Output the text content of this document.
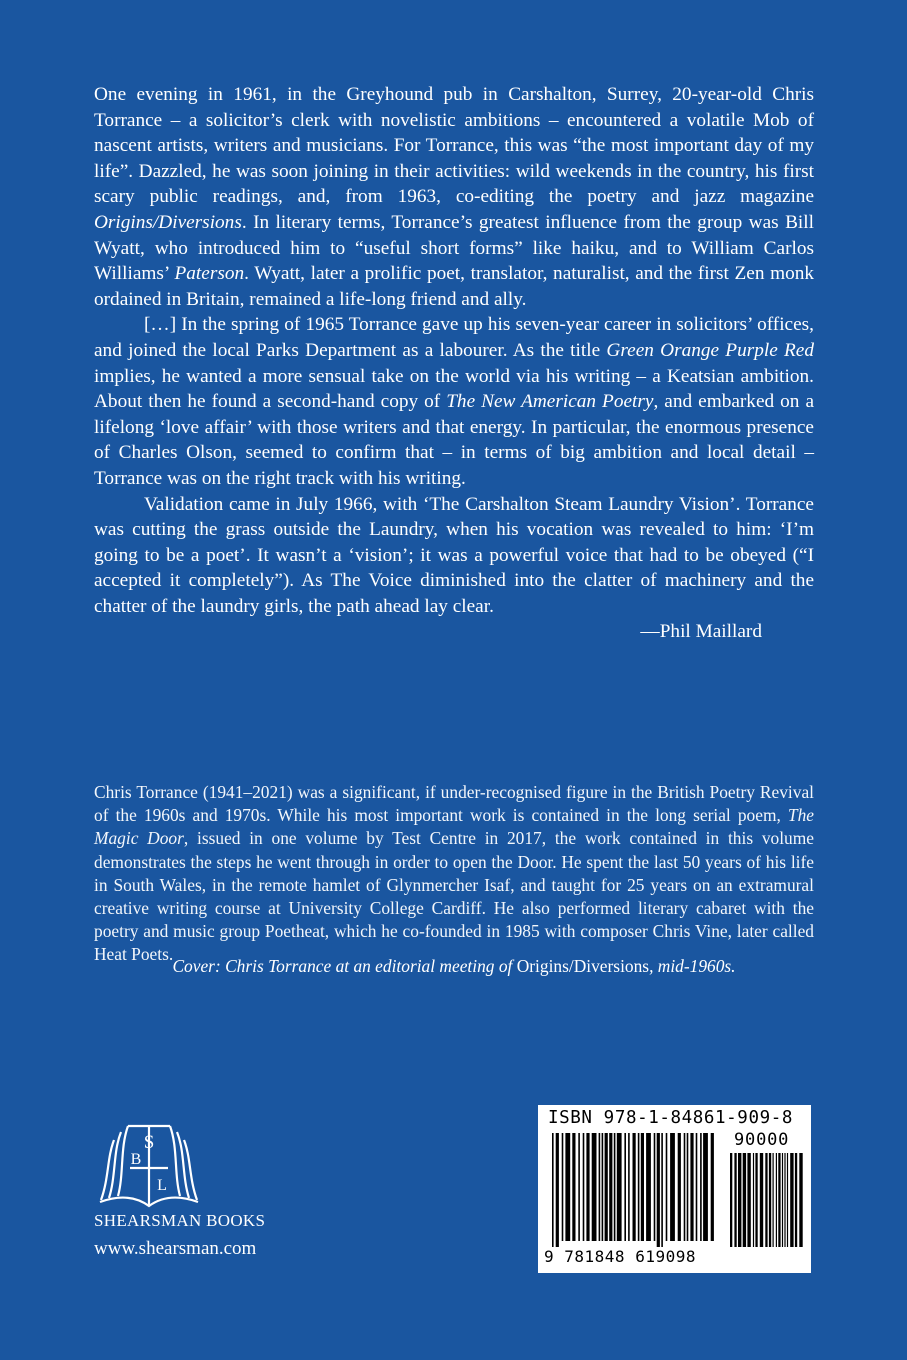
One evening in 1961, in the Greyhound pub in Carshalton, Surrey, 20-year-old Chris Torrance – a solicitor’s clerk with novelistic ambitions – encountered a volatile Mob of nascent artists, writers and musicians. For Torrance, this was “the most important day of my life”. Dazzled, he was soon joining in their activities: wild weekends in the country, his first scary public readings, and, from 1963, co-editing the poetry and jazz magazine Origins/Diversions. In literary terms, Torrance’s greatest influence from the group was Bill Wyatt, who introduced him to “useful short forms” like haiku, and to William Carlos Williams’ Paterson. Wyatt, later a prolific poet, translator, naturalist, and the first Zen monk ordained in Britain, remained a life-long friend and ally.

[…] In the spring of 1965 Torrance gave up his seven-year career in solicitors’ offices, and joined the local Parks Department as a labourer. As the title Green Orange Purple Red implies, he wanted a more sensual take on the world via his writing – a Keatsian ambition. About then he found a second-hand copy of The New American Poetry, and embarked on a lifelong ‘love affair’ with those writers and that energy. In particular, the enormous presence of Charles Olson, seemed to confirm that – in terms of big ambition and local detail – Torrance was on the right track with his writing.

Validation came in July 1966, with ‘The Carshalton Steam Laundry Vision’. Torrance was cutting the grass outside the Laundry, when his vocation was revealed to him: ‘I’m going to be a poet’. It wasn’t a ‘vision’; it was a powerful voice that had to be obeyed (“I accepted it completely”). As The Voice diminished into the clatter of machinery and the chatter of the laundry girls, the path ahead lay clear.

—Phil Maillard

Chris Torrance (1941–2021) was a significant, if under-recognised figure in the British Poetry Revival of the 1960s and 1970s. While his most important work is contained in the long serial poem, The Magic Door, issued in one volume by Test Centre in 2017, the work contained in this volume demonstrates the steps he went through in order to open the Door. He spent the last 50 years of his life in South Wales, in the remote hamlet of Glynmercher Isaf, and taught for 25 years on an extramural creative writing course at University College Cardiff. He also performed literary cabaret with the poetry and music group Poetheat, which he co-founded in 1985 with composer Chris Vine, later called Heat Poets.

Cover: Chris Torrance at an editorial meeting of Origins/Diversions, mid-1960s.
S
B
L
SHEARSMAN BOOKS
www.shearsman.com
ISBN 978-1-84861-909-8
90000
9 781848 619098
